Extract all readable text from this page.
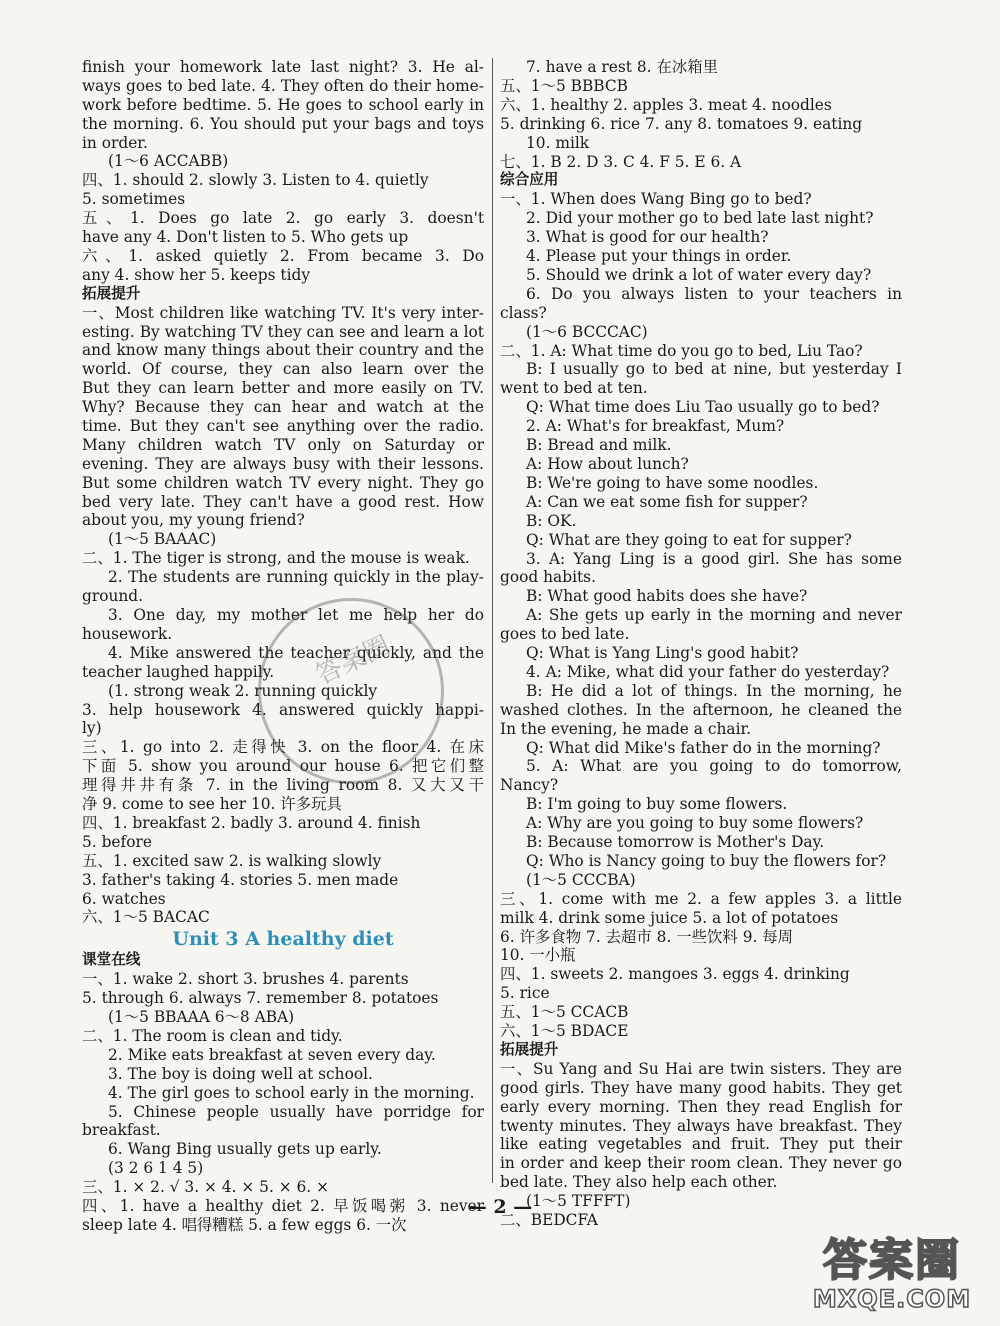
finish your homework late last night? 3. He al-
ways goes to bed late. 4. They often do their home-
work before bedtime. 5. He goes to school early in
the morning. 6. You should put your bags and toys
in order.
(1～6 ACCABB)
四、1. should 2. slowly 3. Listen to 4. quietly
5. sometimes
五、1. Does go late 2. go early 3. doesn't
have any 4. Don't listen to 5. Who gets up
六、1. asked quietly 2. From became 3. Do
any 4. show her 5. keeps tidy
拓展提升
一、Most children like watching TV. It's very inter-
esting. By watching TV they can see and learn a lot
and know many things about their country and the
world. Of course, they can also learn over the
But they can learn better and more easily on TV.
Why? Because they can hear and watch at the
time. But they can't see anything over the radio.
Many children watch TV only on Saturday or
evening. They are always busy with their lessons.
But some children watch TV every night. They go
bed very late. They can't have a good rest. How
about you, my young friend?
(1～5 BAAAC)
二、1. The tiger is strong, and the mouse is weak.
2. The students are running quickly in the play-
ground.
3. One day, my mother let me help her do
housework.
4. Mike answered the teacher quickly, and the
teacher laughed happily.
(1. strong weak 2. running quickly
3. help housework 4. answered quickly happi-
ly)
三、1. go into 2. 走得快 3. on the floor 4. 在床
下面 5. show you around our house 6. 把它们整
理得井井有条 7. in the living room 8. 又大又干
净 9. come to see her 10. 许多玩具
四、1. breakfast 2. badly 3. around 4. finish
5. before
五、1. excited saw 2. is walking slowly
3. father's taking 4. stories 5. men made
6. watches
六、1～5 BACAC
Unit 3 A healthy diet
课堂在线
一、1. wake 2. short 3. brushes 4. parents
5. through 6. always 7. remember 8. potatoes
(1～5 BBAAA 6～8 ABA)
二、1. The room is clean and tidy.
2. Mike eats breakfast at seven every day.
3. The boy is doing well at school.
4. The girl goes to school early in the morning.
5. Chinese people usually have porridge for
breakfast.
6. Wang Bing usually gets up early.
(3 2 6 1 4 5)
三、1. × 2. √ 3. × 4. × 5. × 6. ×
四、1. have a healthy diet 2. 早饭喝粥 3. never
sleep late 4. 唱得糟糕 5. a few eggs 6. 一次
7. have a rest 8. 在冰箱里
五、1～5 BBBCB
六、1. healthy 2. apples 3. meat 4. noodles
5. drinking 6. rice 7. any 8. tomatoes 9. eating
10. milk
七、1. B 2. D 3. C 4. F 5. E 6. A
综合应用
一、1. When does Wang Bing go to bed?
2. Did your mother go to bed late last night?
3. What is good for our health?
4. Please put your things in order.
5. Should we drink a lot of water every day?
6. Do you always listen to your teachers in
class?
(1～6 BCCCAC)
二、1. A: What time do you go to bed, Liu Tao?
B: I usually go to bed at nine, but yesterday I
went to bed at ten.
Q: What time does Liu Tao usually go to bed?
2. A: What's for breakfast, Mum?
B: Bread and milk.
A: How about lunch?
B: We're going to have some noodles.
A: Can we eat some fish for supper?
B: OK.
Q: What are they going to eat for supper?
3. A: Yang Ling is a good girl. She has some
good habits.
B: What good habits does she have?
A: She gets up early in the morning and never
goes to bed late.
Q: What is Yang Ling's good habit?
4. A: Mike, what did your father do yesterday?
B: He did a lot of things. In the morning, he
washed clothes. In the afternoon, he cleaned the
In the evening, he made a chair.
Q: What did Mike's father do in the morning?
5. A: What are you going to do tomorrow,
Nancy?
B: I'm going to buy some flowers.
A: Why are you going to buy some flowers?
B: Because tomorrow is Mother's Day.
Q: Who is Nancy going to buy the flowers for?
(1～5 CCCBA)
三、1. come with me 2. a few apples 3. a little
milk 4. drink some juice 5. a lot of potatoes
6. 许多食物 7. 去超市 8. 一些饮料 9. 每周
10. 一小瓶
四、1. sweets 2. mangoes 3. eggs 4. drinking
5. rice
五、1～5 CCACB
六、1～5 BDACE
拓展提升
一、Su Yang and Su Hai are twin sisters. They are
good girls. They have many good habits. They get
early every morning. Then they read English for
twenty minutes. They always have breakfast. They
like eating vegetables and fruit. They put their
in order and keep their room clean. They never go
bed late. They also help each other.
(1～5 TFFFT)
二、BEDCFA
答案圈
— 2 —
答案圈
MXQE.COM
